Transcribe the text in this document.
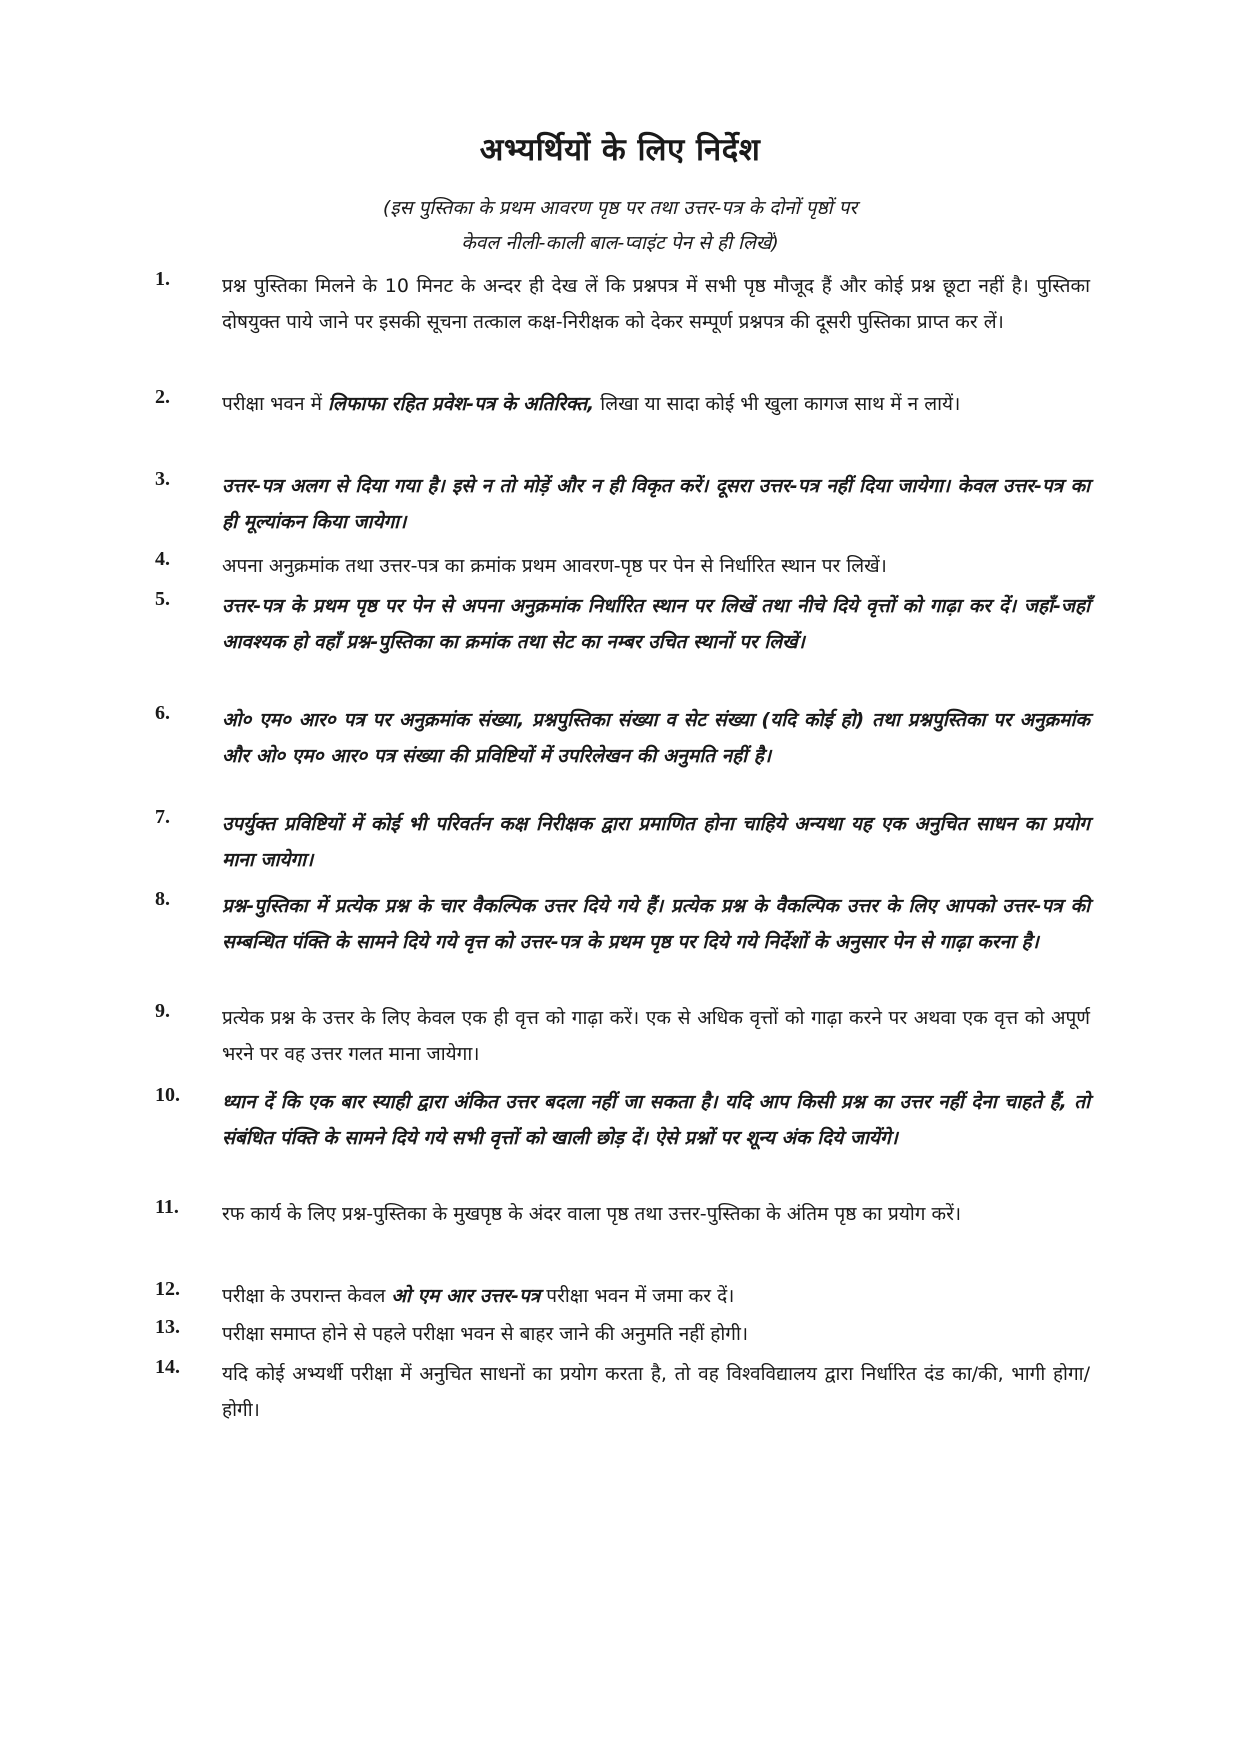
अभ्यर्थियों के लिए निर्देश
(इस पुस्तिका के प्रथम आवरण पृष्ठ पर तथा उत्तर-पत्र के दोनों पृष्ठों पर
केवल नीली-काली बाल-प्वाइंट पेन से ही लिखें)
1.	प्रश्न पुस्तिका मिलने के 10 मिनट के अन्दर ही देख लें कि प्रश्नपत्र में सभी पृष्ठ मौजूद हैं और कोई प्रश्न छूटा नहीं है। पुस्तिका दोषयुक्त पाये जाने पर इसकी सूचना तत्काल कक्ष-निरीक्षक को देकर सम्पूर्ण प्रश्नपत्र की दूसरी पुस्तिका प्राप्त कर लें।
2.	परीक्षा भवन में लिफाफा रहित प्रवेश-पत्र के अतिरिक्त, लिखा या सादा कोई भी खुला कागज साथ में न लायें।
3.	उत्तर-पत्र अलग से दिया गया है। इसे न तो मोड़ें और न ही विकृत करें। दूसरा उत्तर-पत्र नहीं दिया जायेगा। केवल उत्तर-पत्र का ही मूल्यांकन किया जायेगा।
4.	अपना अनुक्रमांक तथा उत्तर-पत्र का क्रमांक प्रथम आवरण-पृष्ठ पर पेन से निर्धारित स्थान पर लिखें।
5.	उत्तर-पत्र के प्रथम पृष्ठ पर पेन से अपना अनुक्रमांक निर्धारित स्थान पर लिखें तथा नीचे दिये वृत्तों को गाढ़ा कर दें। जहाँ-जहाँ आवश्यक हो वहाँ प्रश्न-पुस्तिका का क्रमांक तथा सेट का नम्बर उचित स्थानों पर लिखें।
6.	ओ० एम० आर० पत्र पर अनुक्रमांक संख्या, प्रश्नपुस्तिका संख्या व सेट संख्या (यदि कोई हो) तथा प्रश्नपुस्तिका पर अनुक्रमांक और ओ० एम० आर० पत्र संख्या की प्रविष्टियों में उपरिलेखन की अनुमति नहीं है।
7.	उपर्युक्त प्रविष्टियों में कोई भी परिवर्तन कक्ष निरीक्षक द्वारा प्रमाणित होना चाहिये अन्यथा यह एक अनुचित साधन का प्रयोग माना जायेगा।
8.	प्रश्न-पुस्तिका में प्रत्येक प्रश्न के चार वैकल्पिक उत्तर दिये गये हैं। प्रत्येक प्रश्न के वैकल्पिक उत्तर के लिए आपको उत्तर-पत्र की सम्बन्धित पंक्ति के सामने दिये गये वृत्त को उत्तर-पत्र के प्रथम पृष्ठ पर दिये गये निर्देशों के अनुसार पेन से गाढ़ा करना है।
9.	प्रत्येक प्रश्न के उत्तर के लिए केवल एक ही वृत्त को गाढ़ा करें। एक से अधिक वृत्तों को गाढ़ा करने पर अथवा एक वृत्त को अपूर्ण भरने पर वह उत्तर गलत माना जायेगा।
10. ध्यान दें कि एक बार स्याही द्वारा अंकित उत्तर बदला नहीं जा सकता है। यदि आप किसी प्रश्न का उत्तर नहीं देना चाहते हैं, तो संबंधित पंक्ति के सामने दिये गये सभी वृत्तों को खाली छोड़ दें। ऐसे प्रश्नों पर शून्य अंक दिये जायेंगे।
11. रफ कार्य के लिए प्रश्न-पुस्तिका के मुखपृष्ठ के अंदर वाला पृष्ठ तथा उत्तर-पुस्तिका के अंतिम पृष्ठ का प्रयोग करें।
12. परीक्षा के उपरान्त केवल ओ एम आर उत्तर-पत्र परीक्षा भवन में जमा कर दें।
13. परीक्षा समाप्त होने से पहले परीक्षा भवन से बाहर जाने की अनुमति नहीं होगी।
14. यदि कोई अभ्यर्थी परीक्षा में अनुचित साधनों का प्रयोग करता है, तो वह विश्वविद्यालय द्वारा निर्धारित दंड का/की, भागी होगा/होगी।
